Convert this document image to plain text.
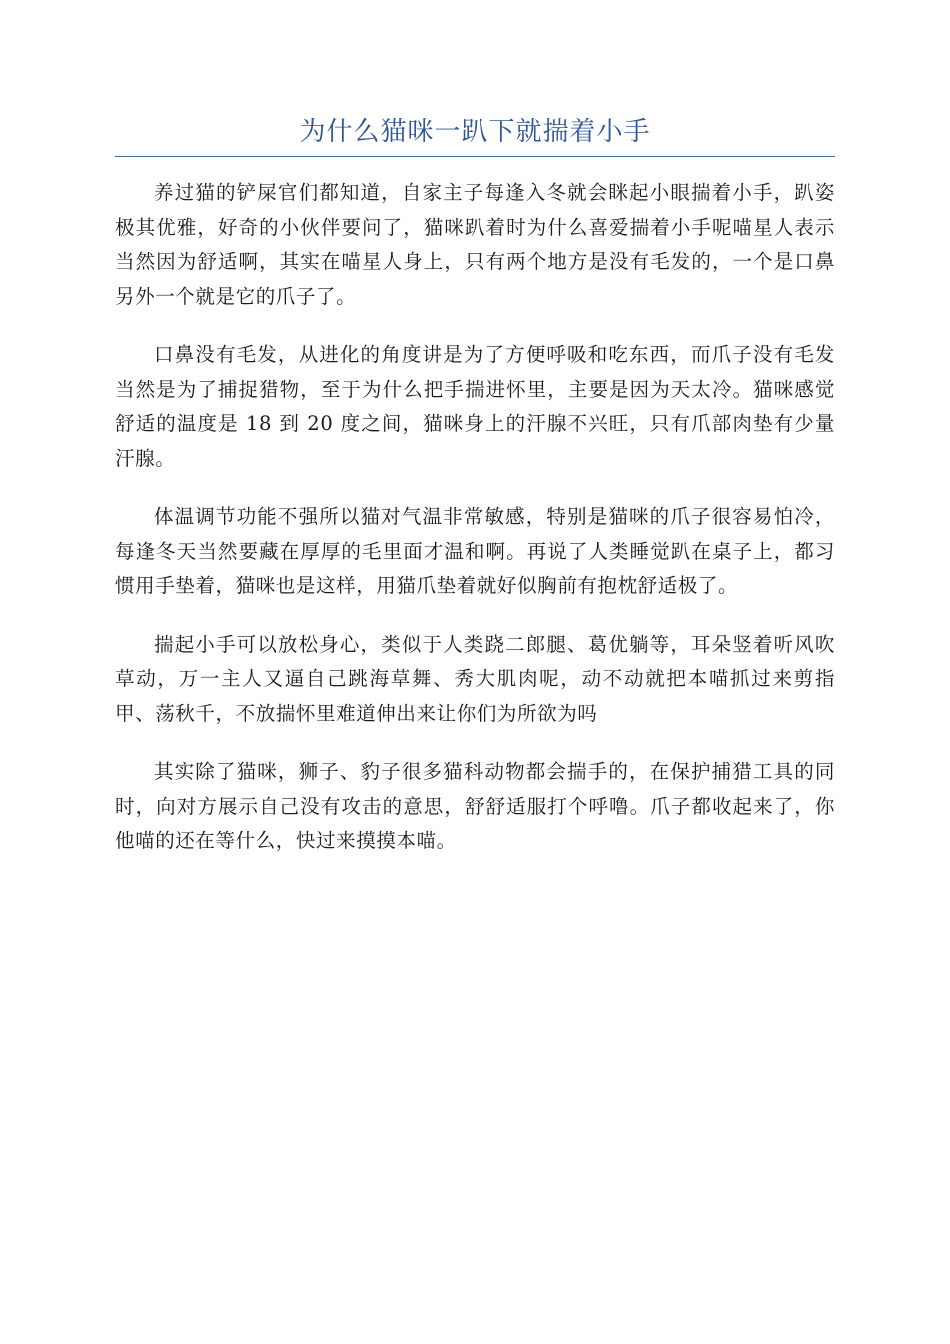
为什么猫咪一趴下就揣着小手

养过猫的铲屎官们都知道，自家主子每逢入冬就会眯起小眼揣着小手，趴姿极其优雅，好奇的小伙伴要问了，猫咪趴着时为什么喜爱揣着小手呢喵星人表示当然因为舒适啊，其实在喵星人身上，只有两个地方是没有毛发的，一个是口鼻另外一个就是它的爪子了。

口鼻没有毛发，从进化的角度讲是为了方便呼吸和吃东西，而爪子没有毛发当然是为了捕捉猎物，至于为什么把手揣进怀里，主要是因为天太冷。猫咪感觉舒适的温度是 18 到 20 度之间，猫咪身上的汗腺不兴旺，只有爪部肉垫有少量汗腺。

体温调节功能不强所以猫对气温非常敏感，特别是猫咪的爪子很容易怕冷，每逢冬天当然要藏在厚厚的毛里面才温和啊。再说了人类睡觉趴在桌子上，都习惯用手垫着，猫咪也是这样，用猫爪垫着就好似胸前有抱枕舒适极了。

揣起小手可以放松身心，类似于人类跷二郎腿、葛优躺等，耳朵竖着听风吹草动，万一主人又逼自己跳海草舞、秀大肌肉呢，动不动就把本喵抓过来剪指甲、荡秋千，不放揣怀里难道伸出来让你们为所欲为吗

其实除了猫咪，狮子、豹子很多猫科动物都会揣手的，在保护捕猎工具的同时，向对方展示自己没有攻击的意思，舒舒适服打个呼噜。爪子都收起来了，你他喵的还在等什么，快过来摸摸本喵。
